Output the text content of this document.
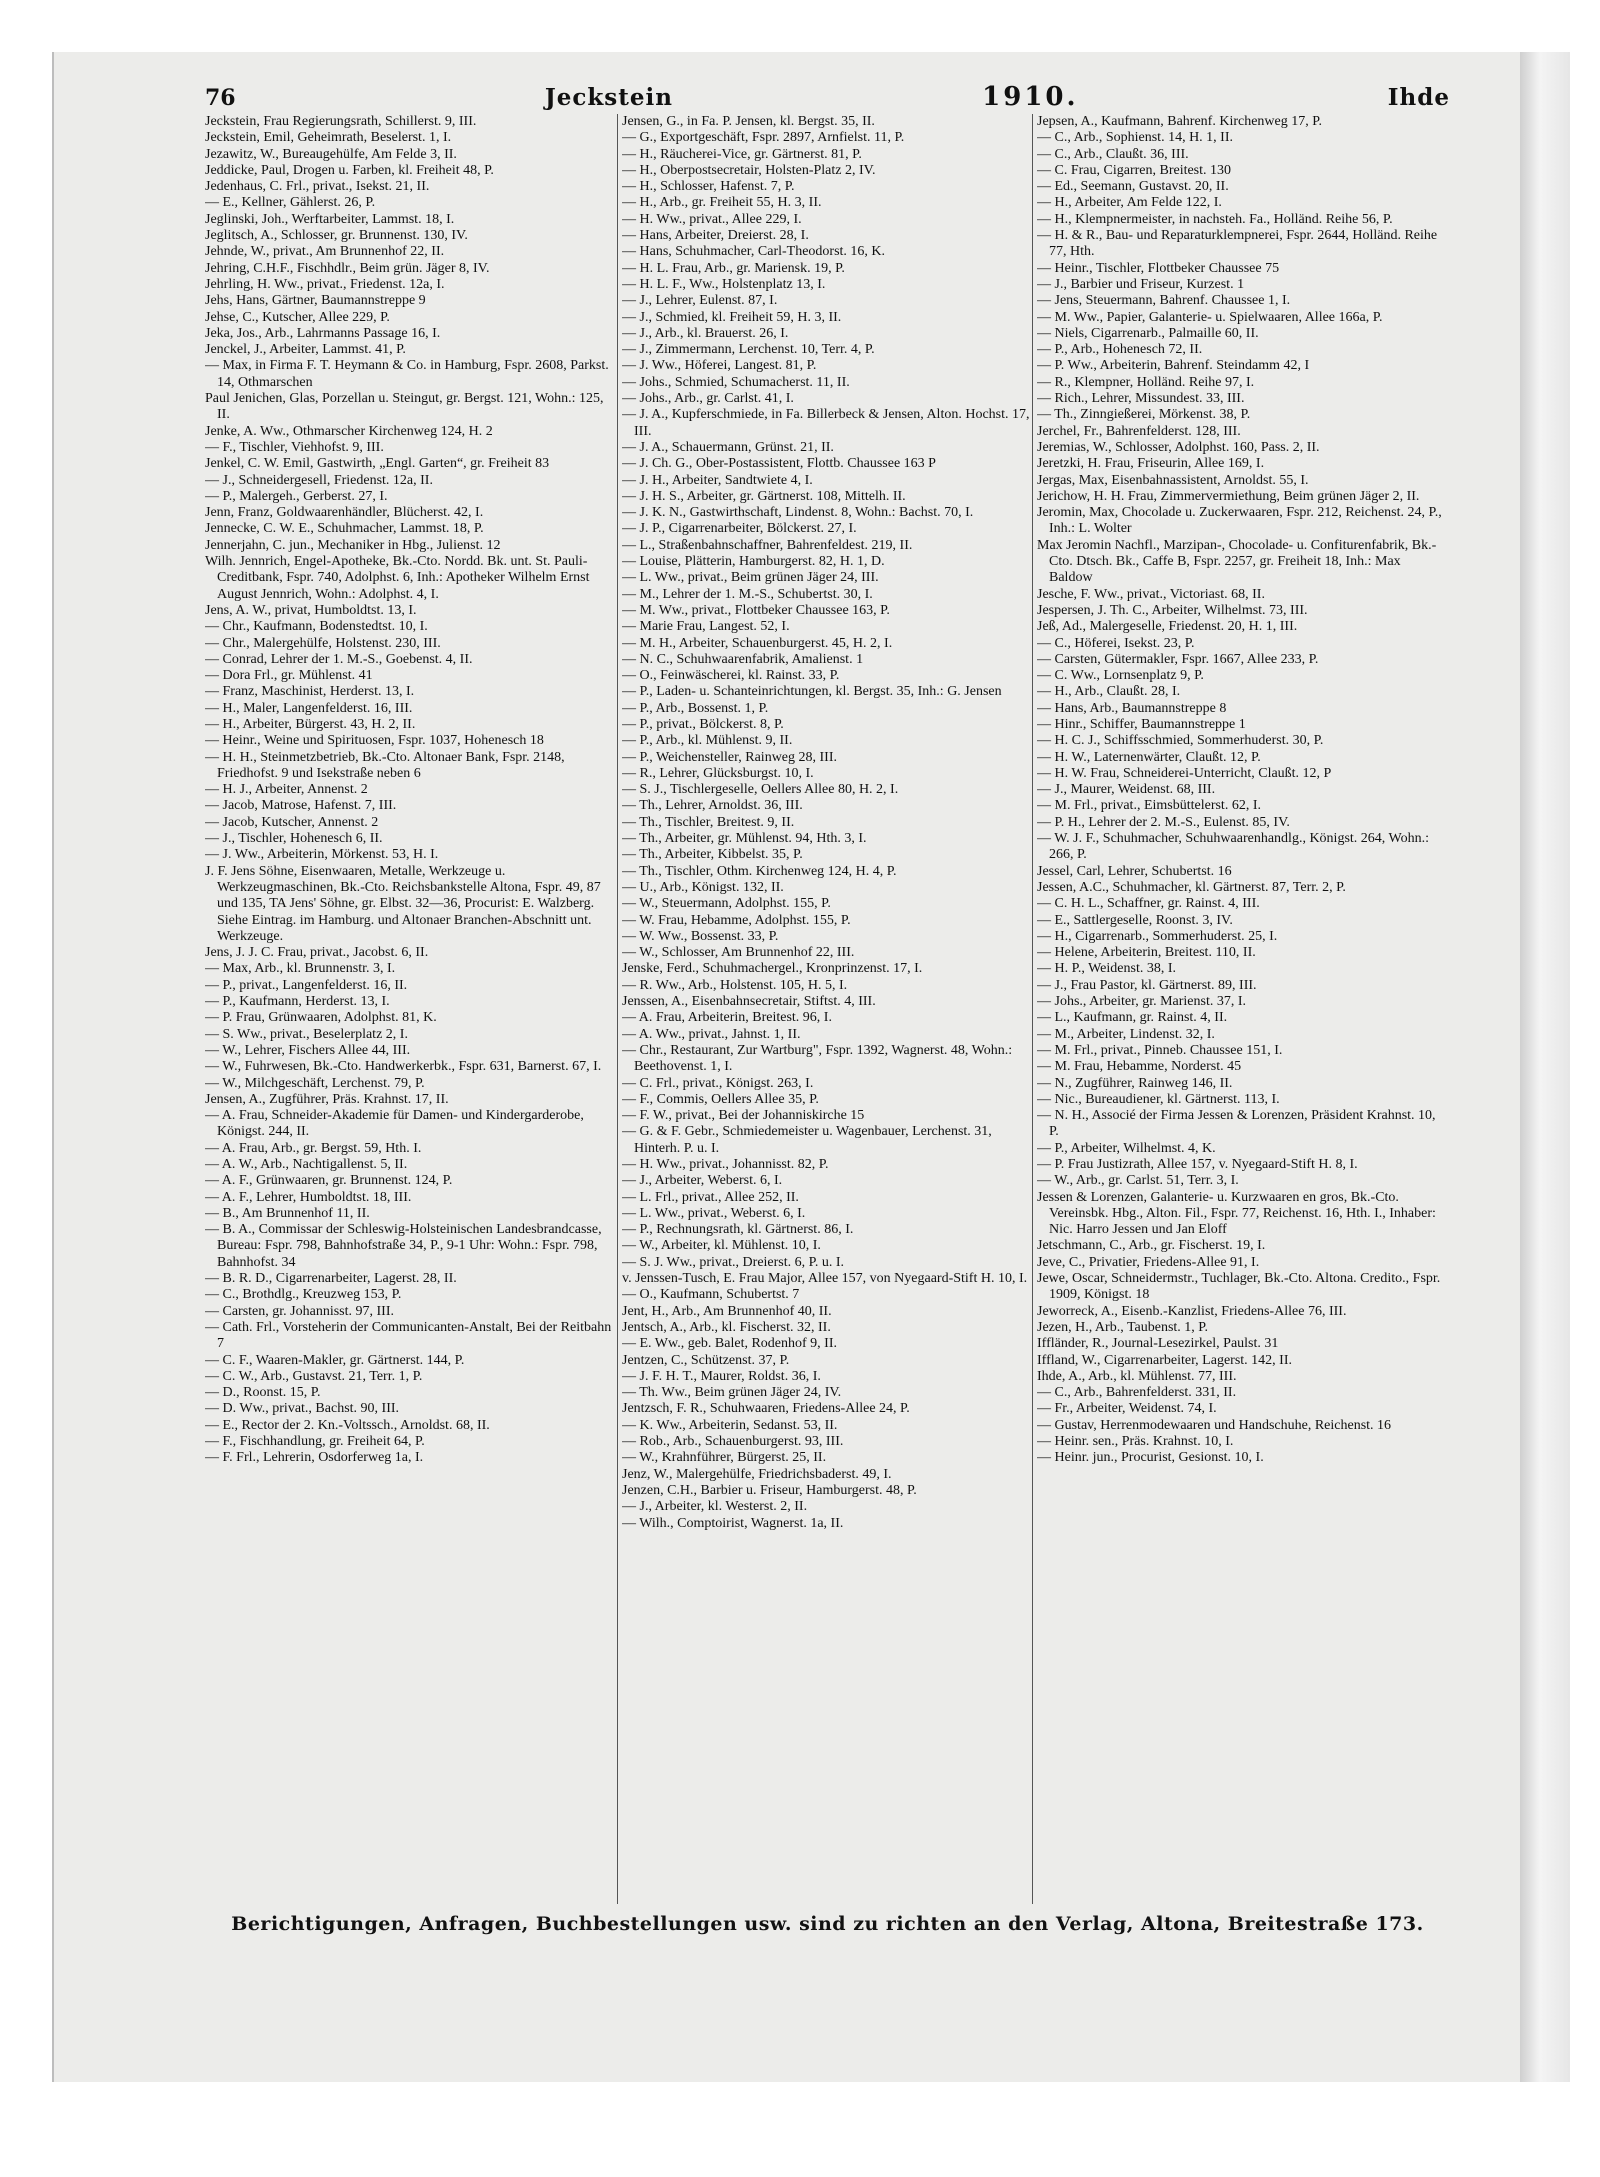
76	Jeckstein	1910.	Ihde
Jeckstein, Frau Regierungsrath, Schillerst. 9, III.
Jeckstein, Emil, Geheimrath, Beselerst. 1, I.
Jezawitz, W., Bureaugehülfe, Am Felde 3, II.
Jeddicke, Paul, Drogen u. Farben, kl. Freiheit 48, P.
Jedenhaus, C. Frl., privat., Isekst. 21, II.
— E., Kellner, Gählerst. 26, P.
Jeglinski, Joh., Werftarbeiter, Lammst. 18, I.
Jeglitsch, A., Schlosser, gr. Brunnenst. 130, IV.
Jehnde, W., privat., Am Brunnenhof 22, II.
Jehring, C.H.F., Fischhdlr., Beim grün. Jäger 8, IV.
Jehrling, H. Ww., privat., Friedenst. 12a, I.
Jehs, Hans, Gärtner, Baumannstreppe 9
Jehse, C., Kutscher, Allee 229, P.
Jeka, Jos., Arb., Lahrmanns Passage 16, I.
Jenckel, J., Arbeiter, Lammst. 41, P.
— Max, in Firma F. T. Heymann & Co. in Hamburg, Fspr. 2608, Parkst. 14, Othmarschen
Paul Jenichen, Glas, Porzellan u. Steingut, gr. Bergst. 121, Wohn.: 125, II.
Jenke, A. Ww., Othmarscher Kirchenweg 124, H. 2
— F., Tischler, Viehhofst. 9, III.
Jenkel, C. W. Emil, Gastwirth, „Engl. Garten“, gr. Freiheit 83
— J., Schneidergesell, Friedenst. 12a, II.
— P., Malergeh., Gerberst. 27, I.
Jenn, Franz, Goldwaarenhändler, Blücherst. 42, I.
Jennecke, C. W. E., Schuhmacher, Lammst. 18, P.
Jennerjahn, C. jun., Mechaniker in Hbg., Julienst. 12
Wilh. Jennrich, Engel-Apotheke, Bk.-Cto. Nordd. Bk. unt. St. Pauli-Creditbank, Fspr. 740, Adolphst. 6, Inh.: Apotheker Wilhelm Ernst August Jennrich, Wohn.: Adolphst. 4, I.
Jens, A. W., privat, Humboldtst. 13, I.
— Chr., Kaufmann, Bodenstedtst. 10, I.
— Chr., Malergehülfe, Holstenst. 230, III.
— Conrad, Lehrer der 1. M.-S., Goebenst. 4, II.
— Dora Frl., gr. Mühlenst. 41
— Franz, Maschinist, Herderst. 13, I.
— H., Maler, Langenfelderst. 16, III.
— H., Arbeiter, Bürgerst. 43, H. 2, II.
— Heinr., Weine und Spirituosen, Fspr. 1037, Hohenesch 18
— H. H., Steinmetzbetrieb, Bk.-Cto. Altonaer Bank, Fspr. 2148, Friedhofst. 9 und Isekstraße neben 6
— H. J., Arbeiter, Annenst. 2
— Jacob, Matrose, Hafenst. 7, III.
— Jacob, Kutscher, Annenst. 2
— J., Tischler, Hohenesch 6, II.
— J. Ww., Arbeiterin, Mörkenst. 53, H. I.
J. F. Jens Söhne, Eisenwaaren, Metalle, Werkzeuge u. Werkzeugmaschinen, Bk.-Cto. Reichsbankstelle Altona, Fspr. 49, 87 und 135, TA Jens' Söhne, gr. Elbst. 32—36, Procurist: E. Walzberg. Siehe Eintrag. im Hamburg. und Altonaer Branchen-Abschnitt unt. Werkzeuge.
Jens, J. J. C. Frau, privat., Jacobst. 6, II.
— Max, Arb., kl. Brunnenstr. 3, I.
— P., privat., Langenfelderst. 16, II.
— P., Kaufmann, Herderst. 13, I.
— P. Frau, Grünwaaren, Adolphst. 81, K.
— S. Ww., privat., Beselerplatz 2, I.
— W., Lehrer, Fischers Allee 44, III.
— W., Fuhrwesen, Bk.-Cto. Handwerkerbk., Fspr. 631, Barnerst. 67, I.
— W., Milchgeschäft, Lerchenst. 79, P.
Jensen, A., Zugführer, Präs. Krahnst. 17, II.
— A. Frau, Schneider-Akademie für Damen- und Kindergarderobe, Königst. 244, II.
— A. Frau, Arb., gr. Bergst. 59, Hth. I.
— A. W., Arb., Nachtigallenst. 5, II.
— A. F., Grünwaaren, gr. Brunnenst. 124, P.
— A. F., Lehrer, Humboldtst. 18, III.
— B., Am Brunnenhof 11, II.
— B. A., Commissar der Schleswig-Holsteinischen Landesbrandcasse, Bureau: Fspr. 798, Bahnhofstraße 34, P., 9-1 Uhr: Wohn.: Fspr. 798, Bahnhofst. 34
— B. R. D., Cigarrenarbeiter, Lagerst. 28, II.
— C., Brothdlg., Kreuzweg 153, P.
— Carsten, gr. Johannisst. 97, III.
— Cath. Frl., Vorsteherin der Communicanten-Anstalt, Bei der Reitbahn 7
— C. F., Waaren-Makler, gr. Gärtnerst. 144, P.
— C. W., Arb., Gustavst. 21, Terr. 1, P.
— D., Roonst. 15, P.
— D. Ww., privat., Bachst. 90, III.
— E., Rector der 2. Kn.-Voltssch., Arnoldst. 68, II.
— F., Fischhandlung, gr. Freiheit 64, P.
— F. Frl., Lehrerin, Osdorferweg 1a, I.
Jensen, G., in Fa. P. Jensen, kl. Bergst. 35, II.
— G., Exportgeschäft, Fspr. 2897, Arnfielst. 11, P.
— H., Räucherei-Vice, gr. Gärtnerst. 81, P.
— H., Oberpostsecretair, Holsten-Platz 2, IV.
— H., Schlosser, Hafenst. 7, P.
— H., Arb., gr. Freiheit 55, H. 3, II.
— H. Ww., privat., Allee 229, I.
— Hans, Arbeiter, Dreierst. 28, I.
— Hans, Schuhmacher, Carl-Theodorst. 16, K.
— H. L. Frau, Arb., gr. Mariensk. 19, P.
— H. L. F., Ww., Holstenplatz 13, I.
— J., Lehrer, Eulenst. 87, I.
— J., Schmied, kl. Freiheit 59, H. 3, II.
— J., Arb., kl. Brauerst. 26, I.
— J., Zimmermann, Lerchenst. 10, Terr. 4, P.
— J. Ww., Höferei, Langest. 81, P.
— Johs., Schmied, Schumacherst. 11, II.
— Johs., Arb., gr. Carlst. 41, I.
— J. A., Kupferschmiede, in Fa. Billerbeck & Jensen, Alton. Hochst. 17, III.
— J. A., Schauermann, Grünst. 21, II.
— J. Ch. G., Ober-Postassistent, Flottb. Chaussee 163 P
— J. H., Arbeiter, Sandtwiete 4, I.
— J. H. S., Arbeiter, gr. Gärtnerst. 108, Mittelh. II.
— J. K. N., Gastwirthschaft, Lindenst. 8, Wohn.: Bachst. 70, I.
— J. P., Cigarrenarbeiter, Bölckerst. 27, I.
— L., Straßenbahnschaffner, Bahrenfeldest. 219, II.
— Louise, Plätterin, Hamburgerst. 82, H. 1, D.
— L. Ww., privat., Beim grünen Jäger 24, III.
— M., Lehrer der 1. M.-S., Schubertst. 30, I.
— M. Ww., privat., Flottbeker Chaussee 163, P.
— Marie Frau, Langest. 52, I.
— M. H., Arbeiter, Schauenburgerst. 45, H. 2, I.
— N. C., Schuhwaarenfabrik, Amalienst. 1
— O., Feinwäscherei, kl. Rainst. 33, P.
— P., Laden- u. Schanteinrichtungen, kl. Bergst. 35, Inh.: G. Jensen
— P., Arb., Bossenst. 1, P.
— P., privat., Bölckerst. 8, P.
— P., Arb., kl. Mühlenst. 9, II.
— P., Weichensteller, Rainweg 28, III.
— R., Lehrer, Glücksburgst. 10, I.
— S. J., Tischlergeselle, Oellers Allee 80, H. 2, I.
— Th., Lehrer, Arnoldst. 36, III.
— Th., Tischler, Breitest. 9, II.
— Th., Arbeiter, gr. Mühlenst. 94, Hth. 3, I.
— Th., Arbeiter, Kibbelst. 35, P.
— Th., Tischler, Othm. Kirchenweg 124, H. 4, P.
— U., Arb., Königst. 132, II.
— W., Steuermann, Adolphst. 155, P.
— W. Frau, Hebamme, Adolphst. 155, P.
— W. Ww., Bossenst. 33, P.
— W., Schlosser, Am Brunnenhof 22, III.
Jenske, Ferd., Schuhmachergel., Kronprinzenst. 17, I.
— R. Ww., Arb., Holstenst. 105, H. 5, I.
Jenssen, A., Eisenbahnsecretair, Stiftst. 4, III.
— A. Frau, Arbeiterin, Breitest. 96, I.
— A. Ww., privat., Jahnst. 1, II.
— Chr., Restaurant, Zur Wartburg", Fspr. 1392, Wagnerst. 48, Wohn.: Beethovenst. 1, I.
— C. Frl., privat., Königst. 263, I.
— F., Commis, Oellers Allee 35, P.
— F. W., privat., Bei der Johanniskirche 15
— G. & F. Gebr., Schmiedemeister u. Wagenbauer, Lerchenst. 31, Hinterh. P. u. I.
— H. Ww., privat., Johannisst. 82, P.
— J., Arbeiter, Weberst. 6, I.
— L. Frl., privat., Allee 252, II.
— L. Ww., privat., Weberst. 6, I.
— P., Rechnungsrath, kl. Gärtnerst. 86, I.
— W., Arbeiter, kl. Mühlenst. 10, I.
— S. J. Ww., privat., Dreierst. 6, P. u. I.
v. Jenssen-Tusch, E. Frau Major, Allee 157, von Nyegaard-Stift H. 10, I.
— O., Kaufmann, Schubertst. 7
Jent, H., Arb., Am Brunnenhof 40, II.
Jentsch, A., Arb., kl. Fischerst. 32, II.
— E. Ww., geb. Balet, Rodenhof 9, II.
Jentzen, C., Schützenst. 37, P.
— J. F. H. T., Maurer, Roldst. 36, I.
— Th. Ww., Beim grünen Jäger 24, IV.
Jentzsch, F. R., Schuhwaaren, Friedens-Allee 24, P.
— K. Ww., Arbeiterin, Sedanst. 53, II.
— Rob., Arb., Schauenburgerst. 93, III.
— W., Krahnführer, Bürgerst. 25, II.
Jenz, W., Malergehülfe, Friedrichsbaderst. 49, I.
Jenzen, C.H., Barbier u. Friseur, Hamburgerst. 48, P.
— J., Arbeiter, kl. Westerst. 2, II.
— Wilh., Comptoirist, Wagnerst. 1a, II.
Jepsen, A., Kaufmann, Bahrenf. Kirchenweg 17, P.
— C., Arb., Sophienst. 14, H. 1, II.
— C., Arb., Claußt. 36, III.
— C. Frau, Cigarren, Breitest. 130
— Ed., Seemann, Gustavst. 20, II.
— H., Arbeiter, Am Felde 122, I.
— H., Klempnermeister, in nachsteh. Fa., Holländ. Reihe 56, P.
— H. & R., Bau- und Reparaturklempnerei, Fspr. 2644, Holländ. Reihe 77, Hth.
— Heinr., Tischler, Flottbeker Chaussee 75
— J., Barbier und Friseur, Kurzest. 1
— Jens, Steuermann, Bahrenf. Chaussee 1, I.
— M. Ww., Papier, Galanterie- u. Spielwaaren, Allee 166a, P.
— Niels, Cigarrenarb., Palmaille 60, II.
— P., Arb., Hohenesch 72, II.
— P. Ww., Arbeiterin, Bahrenf. Steindamm 42, I
— R., Klempner, Holländ. Reihe 97, I.
— Rich., Lehrer, Missundest. 33, III.
— Th., Zinngießerei, Mörkenst. 38, P.
Jerchel, Fr., Bahrenfelderst. 128, III.
Jeremias, W., Schlosser, Adolphst. 160, Pass. 2, II.
Jeretzki, H. Frau, Friseurin, Allee 169, I.
Jergas, Max, Eisenbahnassistent, Arnoldst. 55, I.
Jerichow, H. H. Frau, Zimmervermiethung, Beim grünen Jäger 2, II.
Jeromin, Max, Chocolade u. Zuckerwaaren, Fspr. 212, Reichenst. 24, P., Inh.: L. Wolter
Max Jeromin Nachfl., Marzipan-, Chocolade- u. Confiturenfabrik, Bk.-Cto. Dtsch. Bk., Caffe B, Fspr. 2257, gr. Freiheit 18, Inh.: Max Baldow
Jesche, F. Ww., privat., Victoriast. 68, II.
Jespersen, J. Th. C., Arbeiter, Wilhelmst. 73, III.
Jeß, Ad., Malergeselle, Friedenst. 20, H. 1, III.
— C., Höferei, Isekst. 23, P.
— Carsten, Gütermakler, Fspr. 1667, Allee 233, P.
— C. Ww., Lornsenplatz 9, P.
— H., Arb., Claußt. 28, I.
— Hans, Arb., Baumannstreppe 8
— Hinr., Schiffer, Baumannstreppe 1
— H. C. J., Schiffsschmied, Sommerhuderst. 30, P.
— H. W., Laternenwärter, Claußt. 12, P.
— H. W. Frau, Schneiderei-Unterricht, Claußt. 12, P
— J., Maurer, Weidenst. 68, III.
— M. Frl., privat., Eimsbüttelerst. 62, I.
— P. H., Lehrer der 2. M.-S., Eulenst. 85, IV.
— W. J. F., Schuhmacher, Schuhwaarenhandlg., Königst. 264, Wohn.: 266, P.
Jessel, Carl, Lehrer, Schubertst. 16
Jessen, A.C., Schuhmacher, kl. Gärtnerst. 87, Terr. 2, P.
— C. H. L., Schaffner, gr. Rainst. 4, III.
— E., Sattlergeselle, Roonst. 3, IV.
— H., Cigarrenarb., Sommerhuderst. 25, I.
— Helene, Arbeiterin, Breitest. 110, II.
— H. P., Weidenst. 38, I.
— J., Frau Pastor, kl. Gärtnerst. 89, III.
— Johs., Arbeiter, gr. Marienst. 37, I.
— L., Kaufmann, gr. Rainst. 4, II.
— M., Arbeiter, Lindenst. 32, I.
— M. Frl., privat., Pinneb. Chaussee 151, I.
— M. Frau, Hebamme, Norderst. 45
— N., Zugführer, Rainweg 146, II.
— Nic., Bureaudiener, kl. Gärtnerst. 113, I.
— N. H., Associé der Firma Jessen & Lorenzen, Präsident Krahnst. 10, P.
— P., Arbeiter, Wilhelmst. 4, K.
— P. Frau Justizrath, Allee 157, v. Nyegaard-Stift H. 8, I.
— W., Arb., gr. Carlst. 51, Terr. 3, I.
Jessen & Lorenzen, Galanterie- u. Kurzwaaren en gros, Bk.-Cto. Vereinsbk. Hbg., Alton. Fil., Fspr. 77, Reichenst. 16, Hth. I., Inhaber: Nic. Harro Jessen und Jan Eloff
Jetschmann, C., Arb., gr. Fischerst. 19, I.
Jeve, C., Privatier, Friedens-Allee 91, I.
Jewe, Oscar, Schneidermstr., Tuchlager, Bk.-Cto. Altona. Credito., Fspr. 1909, Königst. 18
Jeworreck, A., Eisenb.-Kanzlist, Friedens-Allee 76, III.
Jezen, H., Arb., Taubenst. 1, P.
Iffländer, R., Journal-Lesezirkel, Paulst. 31
Iffland, W., Cigarrenarbeiter, Lagerst. 142, II.
Ihde, A., Arb., kl. Mühlenst. 77, III.
— C., Arb., Bahrenfelderst. 331, II.
— Fr., Arbeiter, Weidenst. 74, I.
— Gustav, Herrenmodewaaren und Handschuhe, Reichenst. 16
— Heinr. sen., Präs. Krahnst. 10, I.
— Heinr. jun., Procurist, Gesionst. 10, I.
Berichtigungen, Anfragen, Buchbestellungen usw. sind zu richten an den Verlag, Altona, Breitestraße 173.
